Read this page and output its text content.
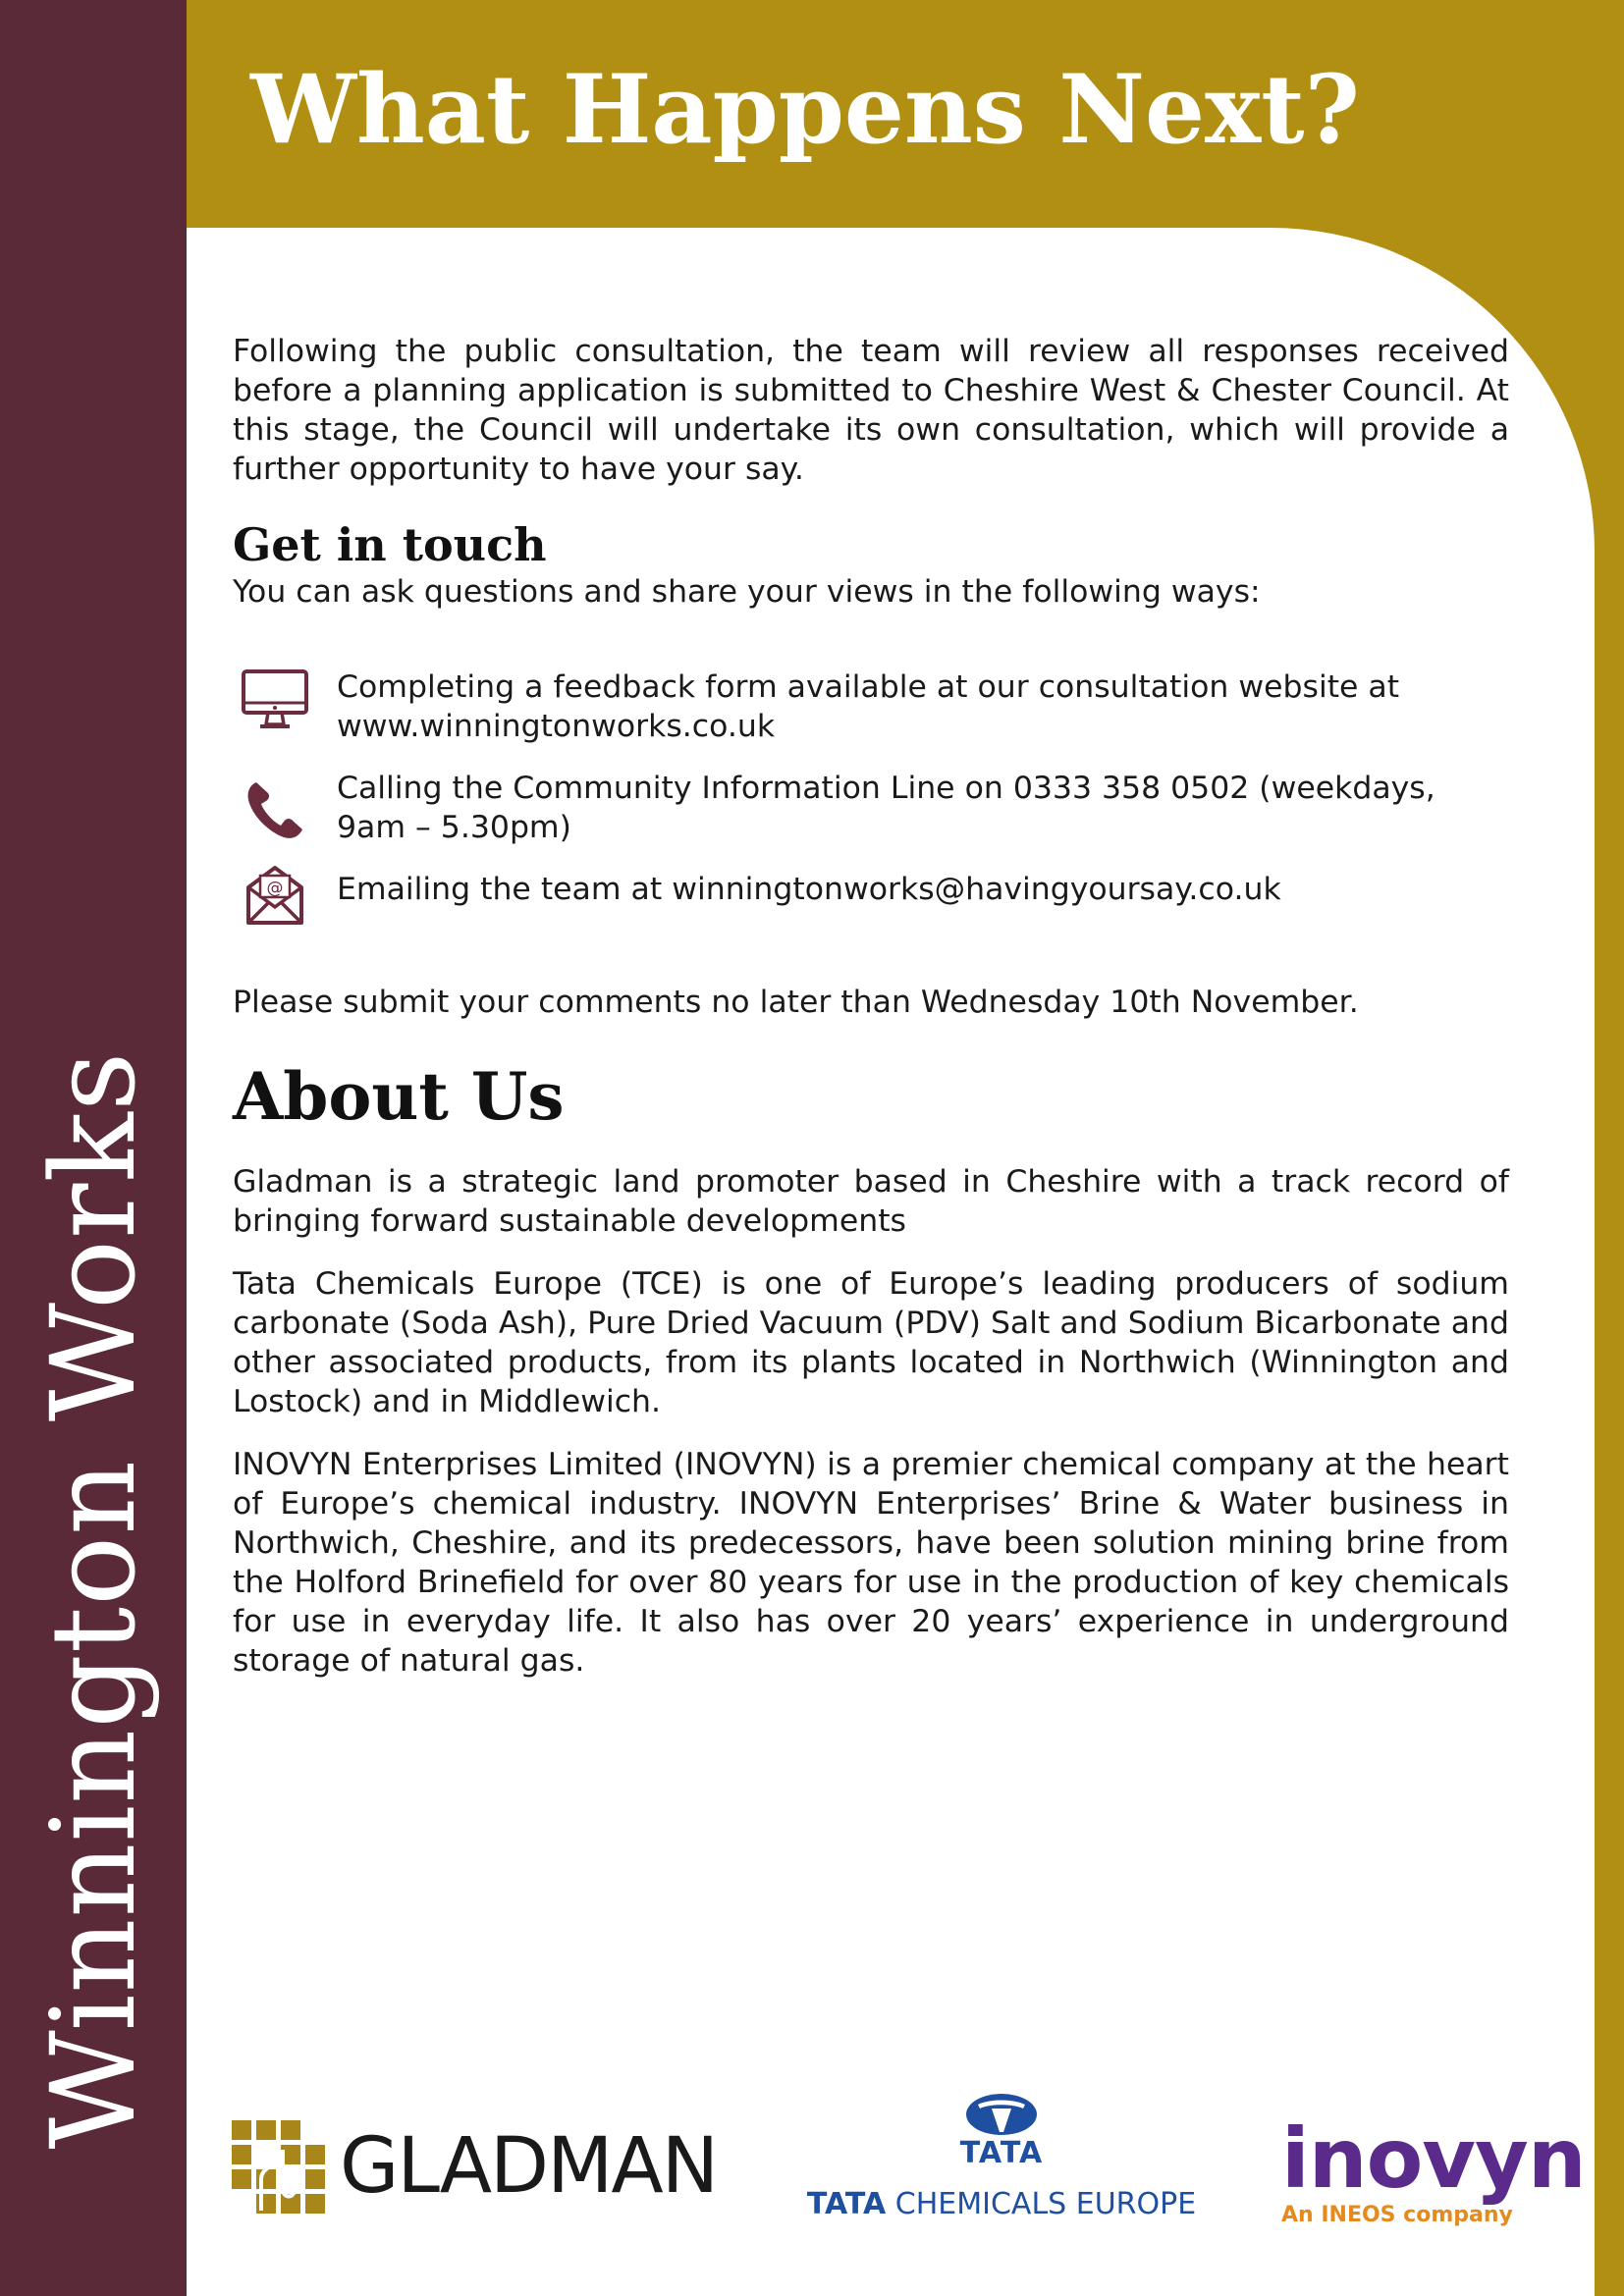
Winnington Works
What Happens Next?

Following the public consultation, the team will review all responses received before a planning application is submitted to Cheshire West & Chester Council. At this stage, the Council will undertake its own consultation, which will provide a further opportunity to have your say.

Get in touch

You can ask questions and share your views in the following ways:

Completing a feedback form available at our consultation website at
www.winningtonworks.co.uk
Calling the Community Information Line on 0333 358 0502 (weekdays,
9am – 5.30pm)
@ Emailing the team at winningtonworks@havingyoursay.co.uk

Please submit your comments no later than Wednesday 10th November.

About Us

Gladman is a strategic land promoter based in Cheshire with a track record of bringing forward sustainable developments

Tata Chemicals Europe (TCE) is one of Europe’s leading producers of sodium carbonate (Soda Ash), Pure Dried Vacuum (PDV) Salt and Sodium Bicarbonate and other associated products, from its plants located in Northwich (Winnington and Lostock) and in Middlewich.

INOVYN Enterprises Limited (INOVYN) is a premier chemical company at the heart of Europe’s chemical industry. INOVYN Enterprises’ Brine & Water business in Northwich, Cheshire, and its predecessors, have been solution mining brine from the Holford Brinefield for over 80 years for use in the production of key chemicals for use in everyday life. It also has over 20 years’ experience in underground storage of natural gas.

GLADMAN	TATA
TATA CHEMICALS EUROPE inovyn
An INEOS company
